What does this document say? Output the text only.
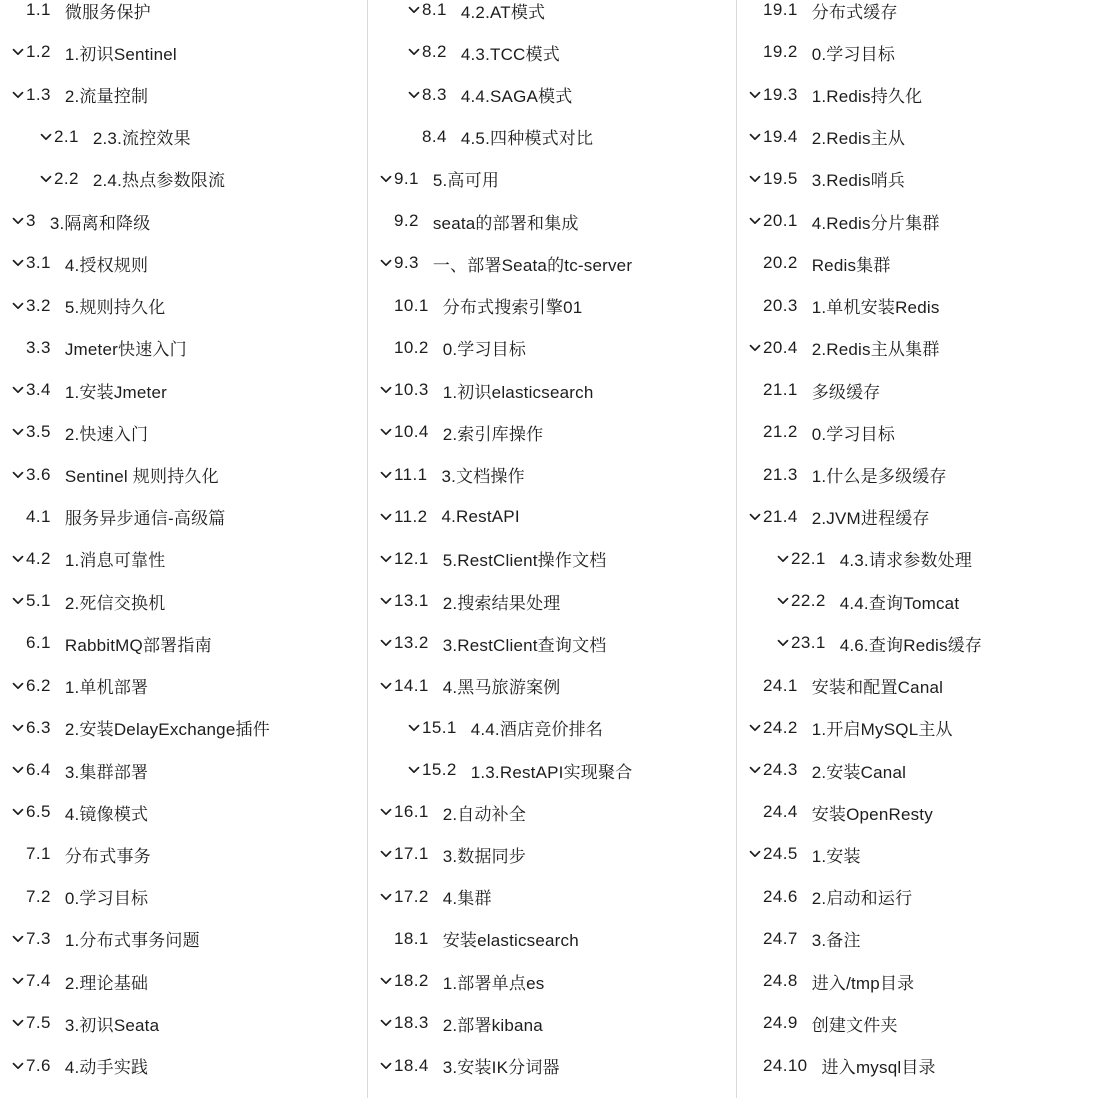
1.1 微服务保护
1.2 1.初识Sentinel
1.3 2.流量控制
2.1 2.3.流控效果
2.2 2.4.热点参数限流
3 3.隔离和降级
3.1 4.授权规则
3.2 5.规则持久化
3.3 Jmeter快速入门
3.4 1.安装Jmeter
3.5 2.快速入门
3.6 Sentinel 规则持久化
4.1 服务异步通信-高级篇
4.2 1.消息可靠性
5.1 2.死信交换机
6.1 RabbitMQ部署指南
6.2 1.单机部署
6.3 2.安装DelayExchange插件
6.4 3.集群部署
6.5 4.镜像模式
7.1 分布式事务
7.2 0.学习目标
7.3 1.分布式事务问题
7.4 2.理论基础
7.5 3.初识Seata
7.6 4.动手实践
8.1 4.2.AT模式
8.2 4.3.TCC模式
8.3 4.4.SAGA模式
8.4 4.5.四种模式对比
9.1 5.高可用
9.2 seata的部署和集成
9.3 一、部署Seata的tc-server
10.1 分布式搜索引擎01
10.2 0.学习目标
10.3 1.初识elasticsearch
10.4 2.索引库操作
11.1 3.文档操作
11.2 4.RestAPI
12.1 5.RestClient操作文档
13.1 2.搜索结果处理
13.2 3.RestClient查询文档
14.1 4.黑马旅游案例
15.1 4.4.酒店竞价排名
15.2 1.3.RestAPI实现聚合
16.1 2.自动补全
17.1 3.数据同步
17.2 4.集群
18.1 安装elasticsearch
18.2 1.部署单点es
18.3 2.部署kibana
18.4 3.安装IK分词器
19.1 分布式缓存
19.2 0.学习目标
19.3 1.Redis持久化
19.4 2.Redis主从
19.5 3.Redis哨兵
20.1 4.Redis分片集群
20.2 Redis集群
20.3 1.单机安装Redis
20.4 2.Redis主从集群
21.1 多级缓存
21.2 0.学习目标
21.3 1.什么是多级缓存
21.4 2.JVM进程缓存
22.1 4.3.请求参数处理
22.2 4.4.查询Tomcat
23.1 4.6.查询Redis缓存
24.1 安装和配置Canal
24.2 1.开启MySQL主从
24.3 2.安装Canal
24.4 安装OpenResty
24.5 1.安装
24.6 2.启动和运行
24.7 3.备注
24.8 进入/tmp目录
24.9 创建文件夹
24.10 进入mysql目录
